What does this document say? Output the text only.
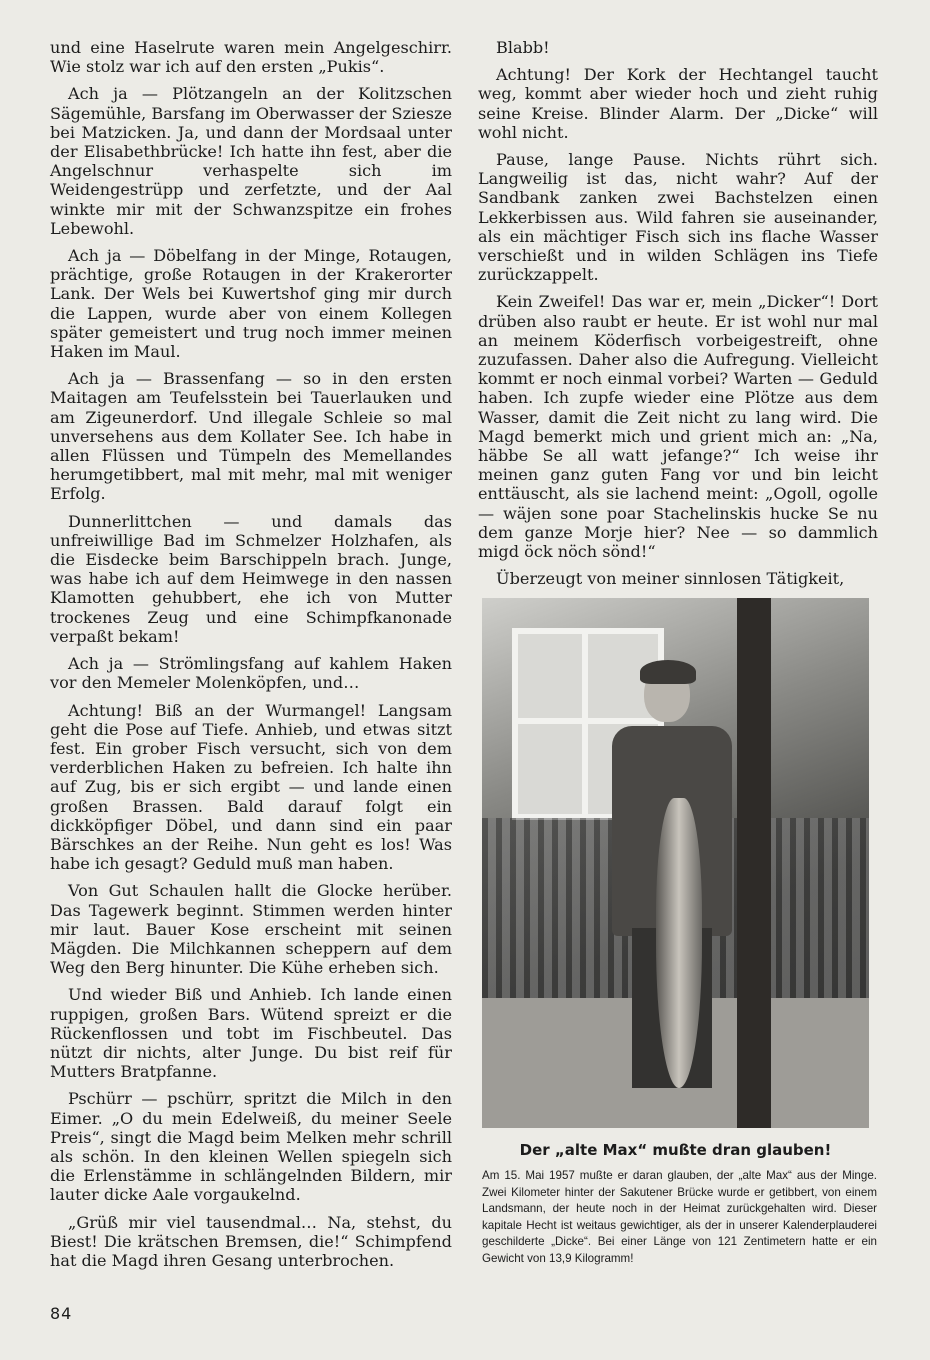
und eine Haselrute waren mein Angelgeschirr. Wie stolz war ich auf den ersten „Pukis“.

Ach ja — Plötzangeln an der Kolitzschen Sägemühle, Barsfang im Oberwasser der Sziesze bei Matzicken. Ja, und dann der Mordsaal unter der Elisabethbrücke! Ich hatte ihn fest, aber die Angelschnur verhaspelte sich im Weidengestrüpp und zerfetzte, und der Aal winkte mir mit der Schwanzspitze ein frohes Lebewohl.

Ach ja — Döbelfang in der Minge, Rotaugen, prächtige, große Rotaugen in der Krakerorter Lank. Der Wels bei Kuwertshof ging mir durch die Lappen, wurde aber von einem Kollegen später gemeistert und trug noch immer meinen Haken im Maul.

Ach ja — Brassenfang — so in den ersten Maitagen am Teufelsstein bei Tauerlauken und am Zigeunerdorf. Und illegale Schleie so mal unversehens aus dem Kollater See. Ich habe in allen Flüssen und Tümpeln des Memellandes herumgetibbert, mal mit mehr, mal mit weniger Erfolg.

Dunnerlittchen — und damals das unfreiwillige Bad im Schmelzer Holzhafen, als die Eisdecke beim Barschippeln brach. Junge, was habe ich auf dem Heimwege in den nassen Klamotten gehubbert, ehe ich von Mutter trockenes Zeug und eine Schimpfkanonade verpaßt bekam!

Ach ja — Strömlingsfang auf kahlem Haken vor den Memeler Molenköpfen, und…

Achtung! Biß an der Wurmangel! Langsam geht die Pose auf Tiefe. Anhieb, und etwas sitzt fest. Ein grober Fisch versucht, sich von dem verderblichen Haken zu befreien. Ich halte ihn auf Zug, bis er sich ergibt — und lande einen großen Brassen. Bald darauf folgt ein dickköpfiger Döbel, und dann sind ein paar Bärschkes an der Reihe. Nun geht es los! Was habe ich gesagt? Geduld muß man haben.

Von Gut Schaulen hallt die Glocke herüber. Das Tagewerk beginnt. Stimmen werden hinter mir laut. Bauer Kose erscheint mit seinen Mägden. Die Milchkannen scheppern auf dem Weg den Berg hinunter. Die Kühe erheben sich.

Und wieder Biß und Anhieb. Ich lande einen ruppigen, großen Bars. Wütend spreizt er die Rückenflossen und tobt im Fischbeutel. Das nützt dir nichts, alter Junge. Du bist reif für Mutters Bratpfanne.

Pschürr — pschürr, spritzt die Milch in den Eimer. „O du mein Edelweiß, du meiner Seele Preis“, singt die Magd beim Melken mehr schrill als schön. In den kleinen Wellen spiegeln sich die Erlenstämme in schlängelnden Bildern, mir lauter dicke Aale vorgaukelnd.

„Grüß mir viel tausendmal… Na, stehst, du Biest! Die krätschen Bremsen, die!“ Schimpfend hat die Magd ihren Gesang unterbrochen.

Blabb!

Achtung! Der Kork der Hechtangel taucht weg, kommt aber wieder hoch und zieht ruhig seine Kreise. Blinder Alarm. Der „Dicke“ will wohl nicht.

Pause, lange Pause. Nichts rührt sich. Langweilig ist das, nicht wahr? Auf der Sandbank zanken zwei Bachstelzen einen Lekkerbissen aus. Wild fahren sie auseinander, als ein mächtiger Fisch sich ins flache Wasser verschießt und in wilden Schlägen ins Tiefe zurückzappelt.

Kein Zweifel! Das war er, mein „Dicker“! Dort drüben also raubt er heute. Er ist wohl nur mal an meinem Köderfisch vorbeigestreift, ohne zuzufassen. Daher also die Aufregung. Vielleicht kommt er noch einmal vorbei? Warten — Geduld haben. Ich zupfe wieder eine Plötze aus dem Wasser, damit die Zeit nicht zu lang wird. Die Magd bemerkt mich und grient mich an: „Na, häbbe Se all watt jefange?“ Ich weise ihr meinen ganz guten Fang vor und bin leicht enttäuscht, als sie lachend meint: „Ogoll, ogolle — wäjen sone poar Stachelinskis hucke Se nu dem ganze Morje hier? Nee — so dammlich migd öck nöch sönd!“

Überzeugt von meiner sinnlosen Tätigkeit,

Der „alte Max“ mußte dran glauben!
Am 15. Mai 1957 mußte er daran glauben, der „alte Max“ aus der Minge. Zwei Kilometer hinter der Sakutener Brücke wurde er getibbert, von einem Landsmann, der heute noch in der Heimat zurückgehalten wird. Dieser kapitale Hecht ist weitaus gewichtiger, als der in unserer Kalenderplauderei geschilderte „Dicke“. Bei einer Länge von 121 Zentimetern hatte er ein Gewicht von 13,9 Kilogramm!
84
